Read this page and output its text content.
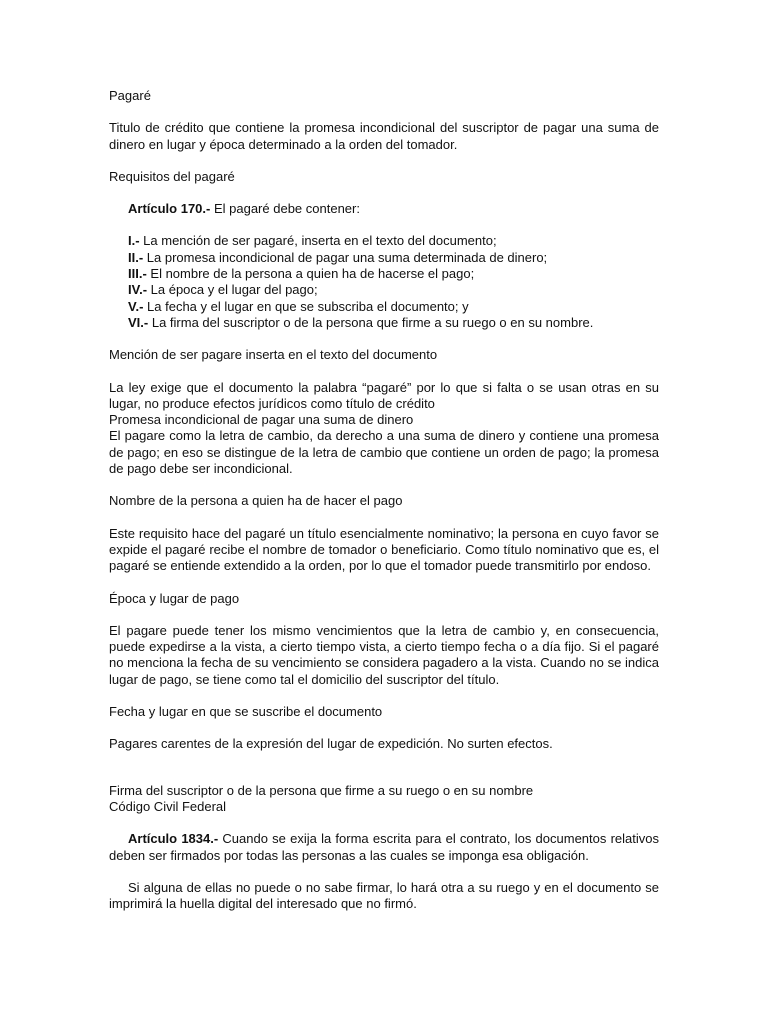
Pagaré

Titulo de crédito que contiene la promesa incondicional del suscriptor de pagar una suma de dinero en lugar y época determinado a la orden del tomador.

Requisitos del pagaré

Artículo 170.- El pagaré debe contener:

I.- La mención de ser pagaré, inserta en el texto del documento;

II.- La promesa incondicional de pagar una suma determinada de dinero;

III.- El nombre de la persona a quien ha de hacerse el pago;

IV.- La época y el lugar del pago;

V.- La fecha y el lugar en que se subscriba el documento; y

VI.- La firma del suscriptor o de la persona que firme a su ruego o en su nombre.

Mención de ser pagare inserta en el texto del documento

La ley exige que el documento la palabra “pagaré” por lo que si falta o se usan otras en su lugar, no produce efectos jurídicos como título de crédito

Promesa incondicional de pagar una suma de dinero

El pagare como la letra de cambio, da derecho a una suma de dinero y contiene una promesa de pago; en eso se distingue de la letra de cambio que contiene un orden de pago; la promesa de pago debe ser incondicional.

Nombre de la persona a quien ha de hacer el pago

Este requisito hace del pagaré un título esencialmente nominativo; la persona en cuyo favor se expide el pagaré recibe el nombre de tomador o beneficiario. Como título nominativo que es, el pagaré se entiende extendido a la orden, por lo que el tomador puede transmitirlo por endoso.

Época y lugar de pago

El pagare puede tener los mismo vencimientos que la letra de cambio y, en consecuencia, puede expedirse a la vista, a cierto tiempo vista, a cierto tiempo fecha o a día fijo. Si el pagaré no menciona la fecha de su vencimiento se considera pagadero a la vista. Cuando no se indica lugar de pago, se tiene como tal el domicilio del suscriptor del título.

Fecha y lugar en que se suscribe el documento

Pagares carentes de la expresión del lugar de expedición. No surten efectos.

Firma del suscriptor o de la persona que firme a su ruego o en su nombre

Código Civil Federal

Artículo 1834.- Cuando se exija la forma escrita para el contrato, los documentos relativos deben ser firmados por todas las personas a las cuales se imponga esa obligación.

Si alguna de ellas no puede o no sabe firmar, lo hará otra a su ruego y en el documento se imprimirá la huella digital del interesado que no firmó.
